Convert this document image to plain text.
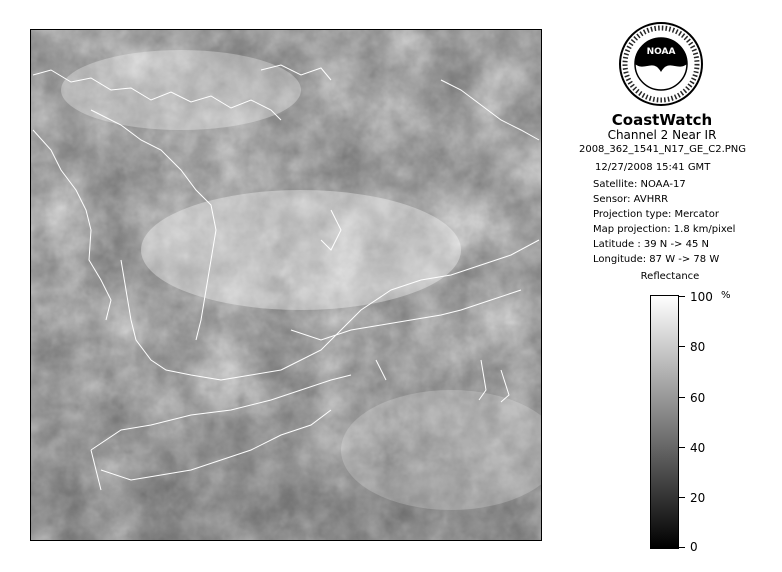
NOAA
CoastWatch
Channel 2 Near IR
2008_362_1541_N17_GE_C2.PNG
12/27/2008 15:41 GMT
Satellite: NOAA-17
Sensor: AVHRR
Projection type: Mercator
Map projection: 1.8 km/pixel
Latitude : 39 N -> 45 N
Longitude: 87 W -> 78 W
Reflectance
%
100
80
60
40
20
0
